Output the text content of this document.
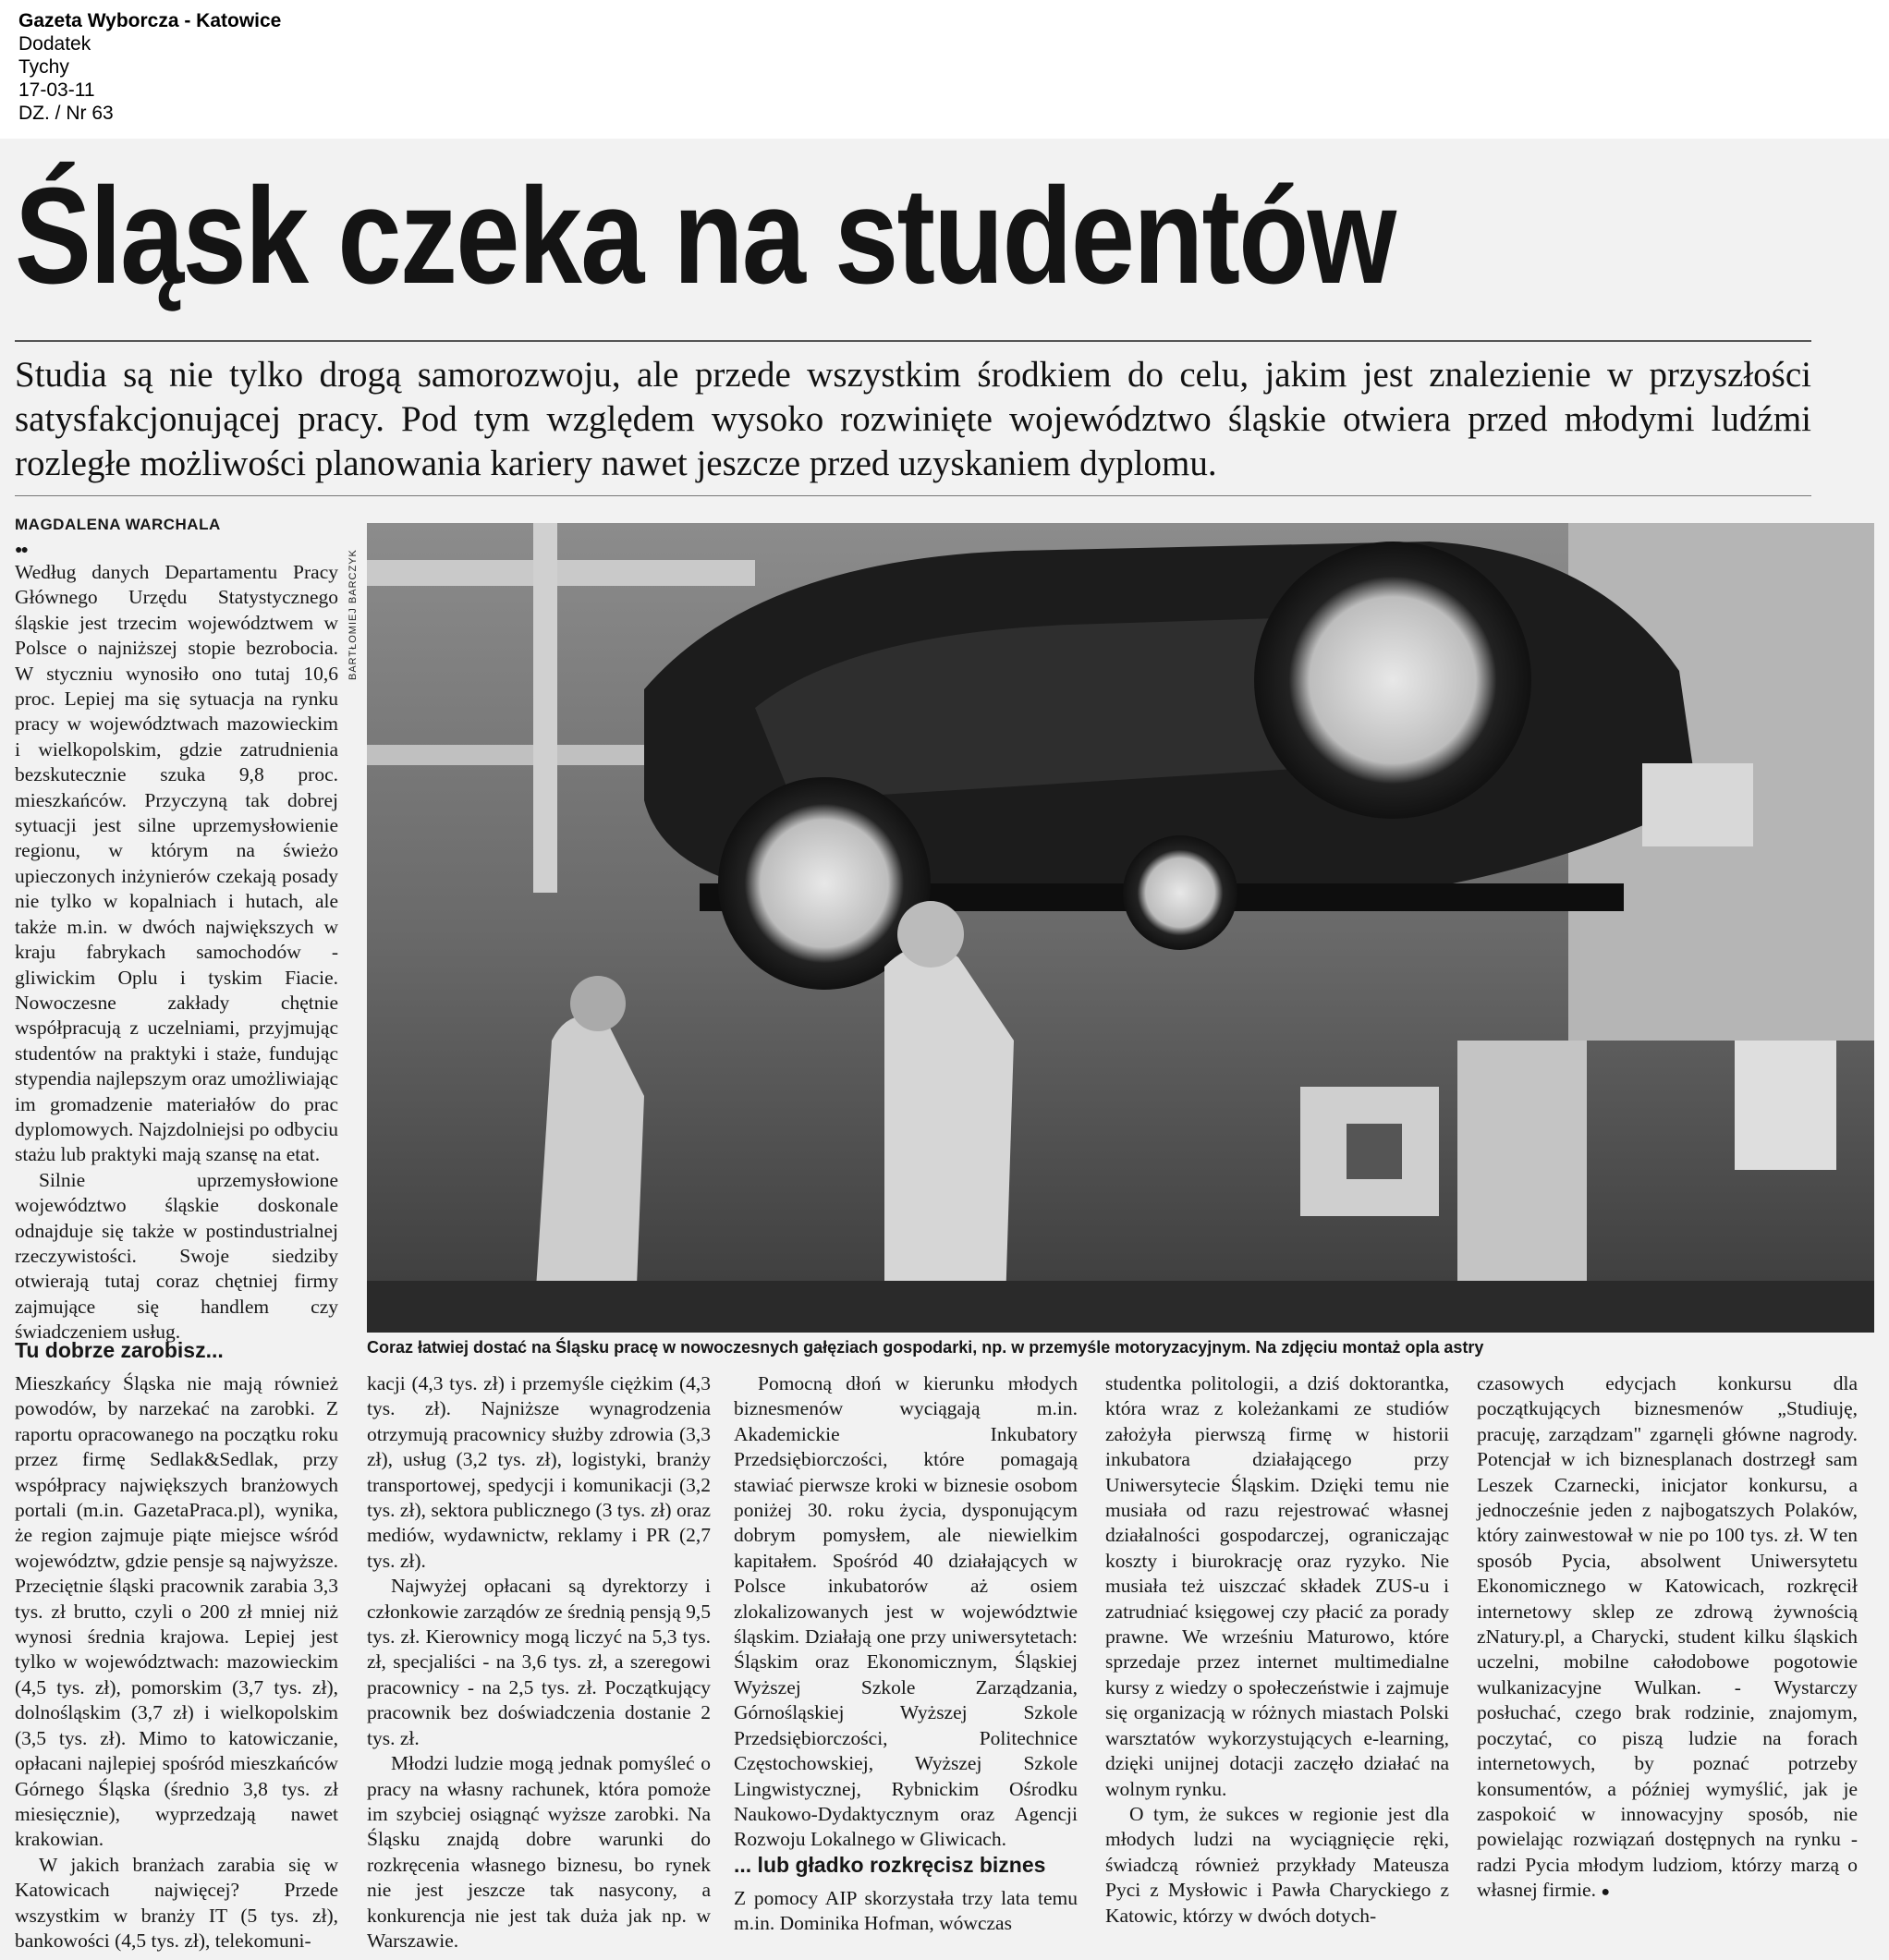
Gazeta Wyborcza - Katowice
Dodatek
Tychy
17-03-11
DZ. / Nr 63
Śląsk czeka na studentów
Studia są nie tylko drogą samorozwoju, ale przede wszystkim środkiem do celu, jakim jest znalezienie w przyszłości satysfakcjonującej pracy. Pod tym względem wysoko rozwinięte województwo śląskie otwiera przed młodymi ludźmi rozległe możliwości planowania kariery nawet jeszcze przed uzyskaniem dyplomu.
MAGDALENA WARCHALA
●●

Według danych Departamentu Pracy Głównego Urzędu Statystycznego śląskie jest trzecim województwem w Polsce o najniższej stopie bezrobocia. W styczniu wynosiło ono tutaj 10,6 proc. Lepiej ma się sytuacja na rynku pracy w województwach mazowieckim i wielkopolskim, gdzie zatrudnienia bezskutecznie szuka 9,8 proc. mieszkańców. Przyczyną tak dobrej sytuacji jest silne uprzemysłowienie regionu, w którym na świeżo upieczonych inżynierów czekają posady nie tylko w kopalniach i hutach, ale także m.in. w dwóch największych w kraju fabrykach samochodów - gliwickim Oplu i tyskim Fiacie. Nowoczesne zakłady chętnie współpracują z uczelniami, przyjmując studentów na praktyki i staże, fundując stypendia najlepszym oraz umożliwiając im gromadzenie materiałów do prac dyplomowych. Najzdolniejsi po odbyciu stażu lub praktyki mają szansę na etat.

Silnie uprzemysłowione województwo śląskie doskonale odnajduje się także w postindustrialnej rzeczywistości. Swoje siedziby otwierają tutaj coraz chętniej firmy zajmujące się handlem czy świadczeniem usług.

Tu dobrze zarobisz...

Mieszkańcy Śląska nie mają również powodów, by narzekać na zarobki. Z raportu opracowanego na początku roku przez firmę Sedlak&Sedlak, przy współpracy największych branżowych portali (m.in. GazetaPraca.pl), wynika, że region zajmuje piąte miejsce wśród województw, gdzie pensje są najwyższe. Przeciętnie śląski pracownik zarabia 3,3 tys. zł brutto, czyli o 200 zł mniej niż wynosi średnia krajowa. Lepiej jest tylko w województwach: mazowieckim (4,5 tys. zł), pomorskim (3,7 tys. zł), dolnośląskim (3,7 zł) i wielkopolskim (3,5 tys. zł). Mimo to katowiczanie, opłacani najlepiej spośród mieszkańców Górnego Śląska (średnio 3,8 tys. zł miesięcznie), wyprzedzają nawet krakowian.

W jakich branżach zarabia się w Katowicach najwięcej? Przede wszystkim w branży IT (5 tys. zł), bankowości (4,5 tys. zł), telekomuni-

BARTŁOMIEJ BARCZYK
Coraz łatwiej dostać na Śląsku pracę w nowoczesnych gałęziach gospodarki, np. w przemyśle motoryzacyjnym. Na zdjęciu montaż opla astry

kacji (4,3 tys. zł) i przemyśle ciężkim (4,3 tys. zł). Najniższe wynagrodzenia otrzymują pracownicy służby zdrowia (3,3 zł), usług (3,2 tys. zł), logistyki, branży transportowej, spedycji i komunikacji (3,2 tys. zł), sektora publicznego (3 tys. zł) oraz mediów, wydawnictw, reklamy i PR (2,7 tys. zł).

Najwyżej opłacani są dyrektorzy i członkowie zarządów ze średnią pensją 9,5 tys. zł. Kierownicy mogą liczyć na 5,3 tys. zł, specjaliści - na 3,6 tys. zł, a szeregowi pracownicy - na 2,5 tys. zł. Początkujący pracownik bez doświadczenia dostanie 2 tys. zł.

Młodzi ludzie mogą jednak pomyśleć o pracy na własny rachunek, która pomoże im szybciej osiągnąć wyższe zarobki. Na Śląsku znajdą dobre warunki do rozkręcenia własnego biznesu, bo rynek nie jest jeszcze tak nasycony, a konkurencja nie jest tak duża jak np. w Warszawie.

Pomocną dłoń w kierunku młodych biznesmenów wyciągają m.in. Akademickie Inkubatory Przedsiębiorczości, które pomagają stawiać pierwsze kroki w biznesie osobom poniżej 30. roku życia, dysponującym dobrym pomysłem, ale niewielkim kapitałem. Spośród 40 działających w Polsce inkubatorów aż osiem zlokalizowanych jest w województwie śląskim. Działają one przy uniwersytetach: Śląskim oraz Ekonomicznym, Śląskiej Wyższej Szkole Zarządzania, Górnośląskiej Wyższej Szkole Przedsiębiorczości, Politechnice Częstochowskiej, Wyższej Szkole Lingwistycznej, Rybnickim Ośrodku Naukowo-Dydaktycznym oraz Agencji Rozwoju Lokalnego w Gliwicach.

... lub gładko rozkręcisz biznes

Z pomocy AIP skorzystała trzy lata temu m.in. Dominika Hofman, wówczas

studentka politologii, a dziś doktorantka, która wraz z koleżankami ze studiów założyła pierwszą firmę w historii inkubatora działającego przy Uniwersytecie Śląskim. Dzięki temu nie musiała od razu rejestrować własnej działalności gospodarczej, ograniczając koszty i biurokrację oraz ryzyko. Nie musiała też uiszczać składek ZUS-u i zatrudniać księgowej czy płacić za porady prawne. We wrześniu Maturowo, które sprzedaje przez internet multimedialne kursy z wiedzy o społeczeństwie i zajmuje się organizacją w różnych miastach Polski warsztatów wykorzystujących e-learning, dzięki unijnej dotacji zaczęło działać na wolnym rynku.

O tym, że sukces w regionie jest dla młodych ludzi na wyciągnięcie ręki, świadczą również przykłady Mateusza Pyci z Mysłowic i Pawła Charyckiego z Katowic, którzy w dwóch dotych-

czasowych edycjach konkursu dla początkujących biznesmenów „Studiuję, pracuję, zarządzam" zgarnęli główne nagrody. Potencjał w ich biznesplanach dostrzegł sam Leszek Czarnecki, inicjator konkursu, a jednocześnie jeden z najbogatszych Polaków, który zainwestował w nie po 100 tys. zł. W ten sposób Pycia, absolwent Uniwersytetu Ekonomicznego w Katowicach, rozkręcił internetowy sklep ze zdrową żywnością zNatury.pl, a Charycki, student kilku śląskich uczelni, mobilne całodobowe pogotowie wulkanizacyjne Wulkan. - Wystarczy posłuchać, czego brak rodzinie, znajomym, poczytać, co piszą ludzie na forach internetowych, by poznać potrzeby konsumentów, a później wymyślić, jak je zaspokoić w innowacyjny sposób, nie powielając rozwiązań dostępnych na rynku - radzi Pycia młodym ludziom, którzy marzą o własnej firmie. ●
